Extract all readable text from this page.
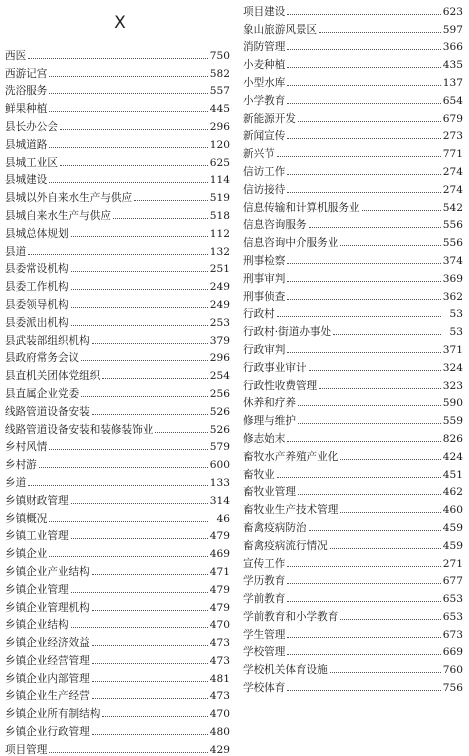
X
西医	750
西游记宫	582
洗浴服务	557
鲜果种植	445
县长办公会	296
县城道路	120
县城工业区	625
县城建设	114
县城以外自来水生产与供应	519
县城自来水生产与供应	518
县城总体规划	112
县道	132
县委常设机构	251
县委工作机构	249
县委领导机构	249
县委派出机构	253
县武装部组织机构	379
县政府常务会议	296
县直机关团体党组织	254
县直属企业党委	256
线路管道设备安装	526
线路管道设备安装和装修装饰业	526
乡村风情	579
乡村游	600
乡道	133
乡镇财政管理	314
乡镇概况	46
乡镇工业管理	479
乡镇企业	469
乡镇企业产业结构	471
乡镇企业管理	479
乡镇企业管理机构	479
乡镇企业结构	470
乡镇企业经济效益	473
乡镇企业经营管理	473
乡镇企业内部管理	481
乡镇企业生产经营	473
乡镇企业所有制结构	470
乡镇企业行政管理	480
项目管理	429
项目建设	623
象山旅游风景区	597
消防管理	366
小麦种植	435
小型水库	137
小学教育	654
新能源开发	679
新闻宣传	273
新兴节	771
信访工作	274
信访接待	274
信息传输和计算机服务业	542
信息咨询服务	556
信息咨询中介服务业	556
刑事检察	374
刑事审判	369
刑事侦查	362
行政村	53
行政村·街道办事处	53
行政审判	371
行政事业审计	324
行政性收费管理	323
休养和疗养	590
修理与维护	559
修志始末	826
畜牧水产养殖产业化	424
畜牧业	451
畜牧业管理	462
畜牧业生产技术管理	460
畜禽疫病防治	459
畜禽疫病流行情况	459
宣传工作	271
学历教育	677
学前教育	653
学前教育和小学教育	653
学生管理	673
学校管理	669
学校机关体育设施	760
学校体育	756
